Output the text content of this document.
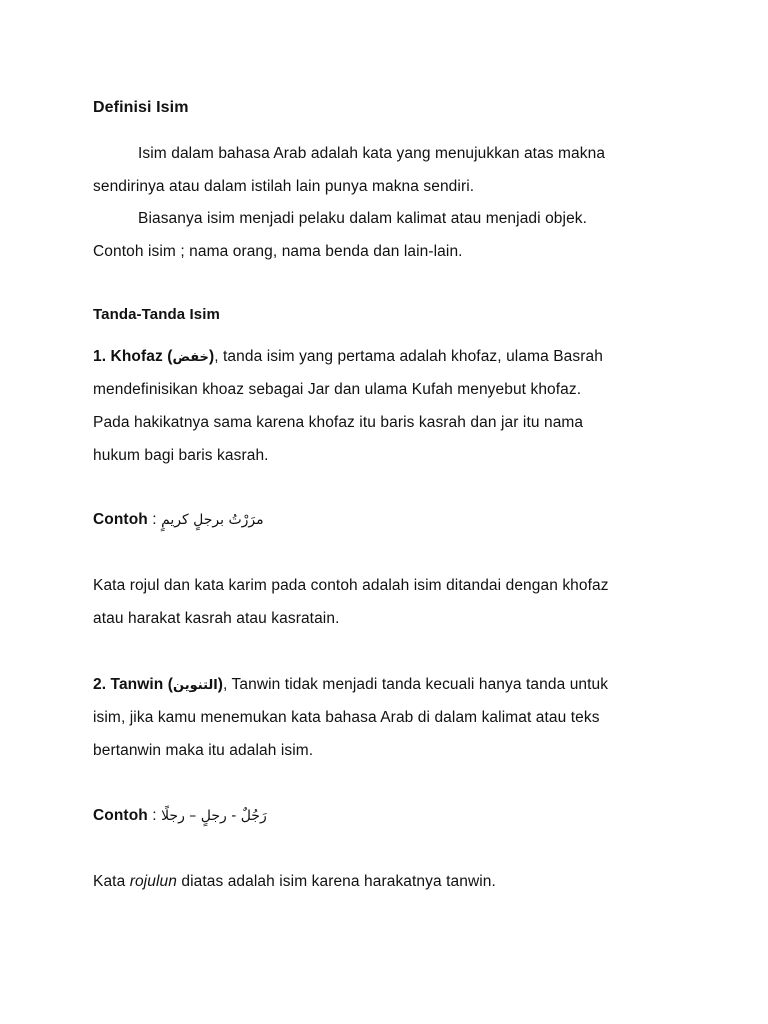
Definisi Isim
Isim dalam bahasa Arab adalah kata yang menujukkan atas makna
sendirinya atau dalam istilah lain punya makna sendiri.
Biasanya isim menjadi pelaku dalam kalimat atau menjadi objek.
Contoh isim ; nama orang, nama benda dan lain-lain.
Tanda-Tanda Isim
1. Khofaz (خفض), tanda isim yang pertama adalah khofaz, ulama Basrah
mendefinisikan khoaz sebagai Jar dan ulama Kufah menyebut khofaz.
Pada hakikatnya sama karena khofaz itu baris kasrah dan jar itu nama
hukum bagi baris kasrah.
Contoh : مرَرْتُ برجلٍ كريمٍ
Kata rojul dan kata karim pada contoh adalah isim ditandai dengan khofaz
atau harakat kasrah atau kasratain.
2. Tanwin (التنوين), Tanwin tidak menjadi tanda kecuali hanya tanda untuk
isim, jika kamu menemukan kata bahasa Arab di dalam kalimat atau teks
bertanwin maka itu adalah isim.
Contoh : رَجُلٌ - رجلٍ – رجلًا
Kata rojulun diatas adalah isim karena harakatnya tanwin.
